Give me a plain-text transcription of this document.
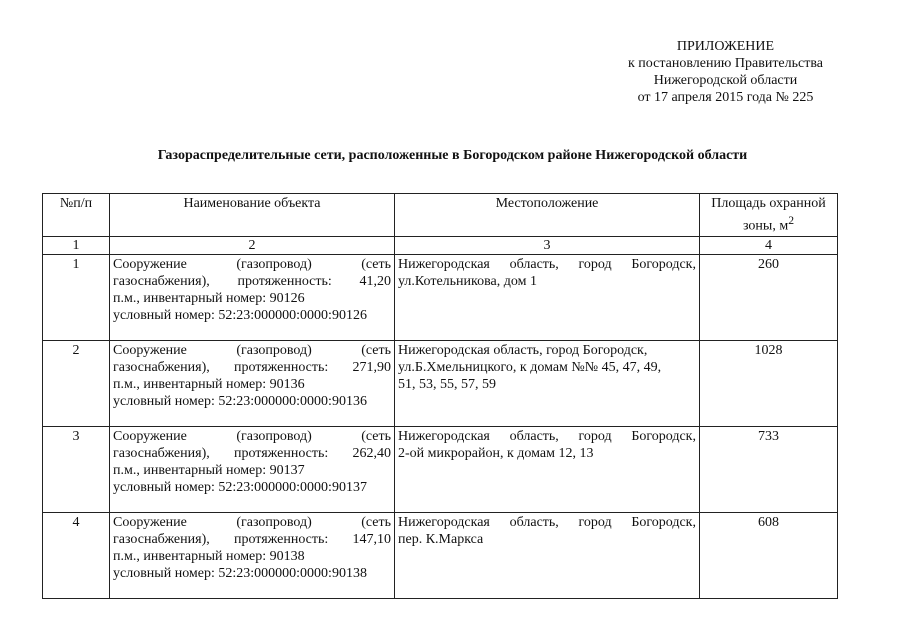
ПРИЛОЖЕНИЕ
к постановлению Правительства
Нижегородской области
от 17 апреля 2015 года № 225
Газораспределительные сети, расположенные в Богородском районе Нижегородской области
№п/п	Наименование объекта	Местоположение	Площадь охранной зоны, $м^2$
1	2	3	4
1	Сооружение (газопровод) (сеть
газоснабжения), протяженность: 41,20
п.м., инвентарный номер: 90126
условный номер: 52:23:000000:0000:90126	Нижегородская область, город Богородск,
ул.Котельникова, дом 1	260
2	Сооружение (газопровод) (сеть
газоснабжения), протяженность: 271,90
п.м., инвентарный номер: 90136
условный номер: 52:23:000000:0000:90136	Нижегородская область, город Богородск,
ул.Б.Хмельницкого, к домам №№ 45, 47, 49,
51, 53, 55, 57, 59	1028
3	Сооружение (газопровод) (сеть
газоснабжения), протяженность: 262,40
п.м., инвентарный номер: 90137
условный номер: 52:23:000000:0000:90137	Нижегородская область, город Богородск,
2-ой микрорайон, к домам 12, 13	733
4	Сооружение (газопровод) (сеть
газоснабжения), протяженность: 147,10
п.м., инвентарный номер: 90138
условный номер: 52:23:000000:0000:90138	Нижегородская область, город Богородск,
пер. К.Маркса	608
